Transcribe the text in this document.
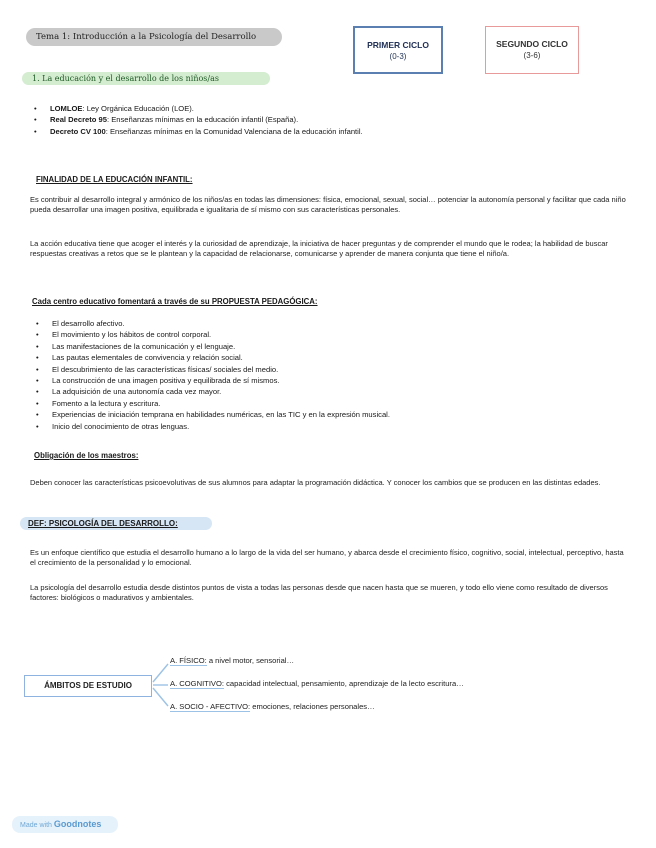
Tema 1: Introducción a la Psicología del Desarrollo
PRIMER CICLO
(0-3)
SEGUNDO CICLO
(3-6)
1. La educación y el desarrollo de los niños/as
• LOMLOE: Ley Orgánica Educación (LOE).
• Real Decreto 95: Enseñanzas mínimas en la educación infantil (España).
• Decreto CV 100: Enseñanzas mínimas en la Comunidad Valenciana de la educación infantil.
FINALIDAD DE LA EDUCACIÓN INFANTIL:

Es contribuir al desarrollo integral y armónico de los niños/as en todas las dimensiones: física, emocional, sexual, social… potenciar la autonomía personal y facilitar que cada niño pueda desarrollar una imagen positiva, equilibrada e igualitaria de sí mismo con sus características personales.

La acción educativa tiene que acoger el interés y la curiosidad de aprendizaje, la iniciativa de hacer preguntas y de comprender el mundo que le rodea; la habilidad de buscar respuestas creativas a retos que se le plantean y la capacidad de relacionarse, comunicarse y aprender de manera conjunta que tiene el niño/a.

Cada centro educativo fomentará a través de su PROPUESTA PEDAGÓGICA:
• El desarrollo afectivo.
• El movimiento y los hábitos de control corporal.
• Las manifestaciones de la comunicación y el lenguaje.
• Las pautas elementales de convivencia y relación social.
• El descubrimiento de las características físicas/ sociales del medio.
• La construcción de una imagen positiva y equilibrada de sí mismos.
• La adquisición de una autonomía cada vez mayor.
• Fomento a la lectura y escritura.
• Experiencias de iniciación temprana en habilidades numéricas, en las TIC y en la expresión musical.
• Inicio del conocimiento de otras lenguas.
Obligación de los maestros:

Deben conocer las características psicoevolutivas de sus alumnos para adaptar la programación didáctica. Y conocer los cambios que se producen en las distintas edades.

DEF: PSICOLOGÍA DEL DESARROLLO:

Es un enfoque científico que estudia el desarrollo humano a lo largo de la vida del ser humano, y abarca desde el crecimiento físico, cognitivo, social, intelectual, perceptivo, hasta el crecimiento de la personalidad y lo emocional.

La psicología del desarrollo estudia desde distintos puntos de vista a todas las personas desde que nacen hasta que se mueren, y todo ello viene como resultado de diversos factores: biológicos o madurativos y ambientales.

ÁMBITOS DE ESTUDIO
A. FÍSICO: a nivel motor, sensorial…
A. COGNITIVO: capacidad intelectual, pensamiento, aprendizaje de la lecto escritura…
A. SOCIO - AFECTIVO: emociones, relaciones personales…
Made with Goodnotes
